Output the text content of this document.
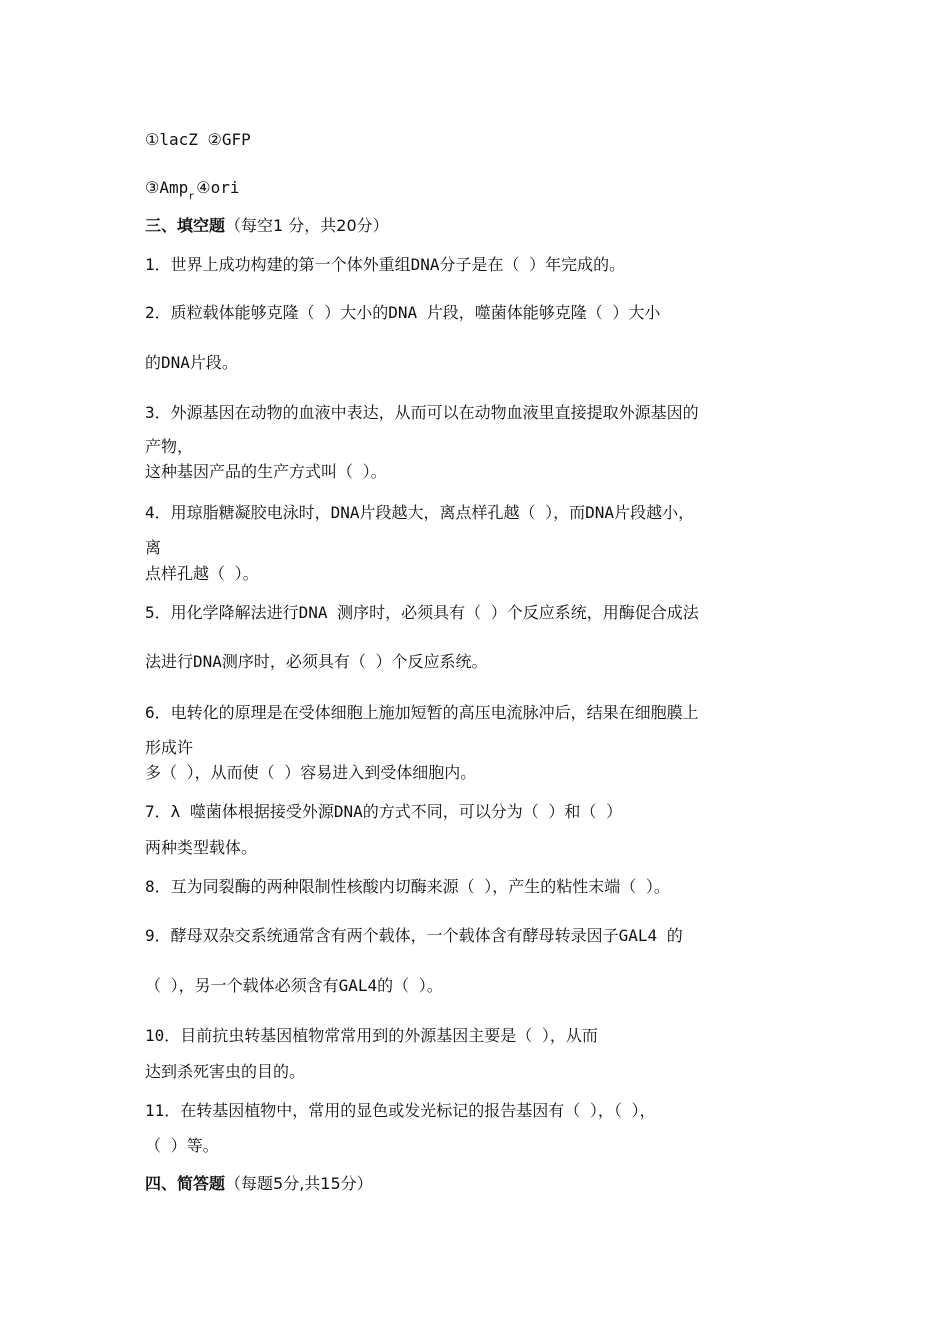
①lacZ ②GFP
③Amp$_r$ ④ori
三、填空题（每空1 分，共20分）
1．世界上成功构建的第一个体外重组DNA分子是在（ ）年完成的。
2．质粒载体能够克隆（ ）大小的DNA 片段，噬菌体能够克隆（ ）大小
的DNA片段。
3．外源基因在动物的血液中表达，从而可以在动物血液里直接提取外源基因的
产物，
这种基因产品的生产方式叫（ ）。
4．用琼脂糖凝胶电泳时，DNA片段越大，离点样孔越（ ），而DNA片段越小，
离
点样孔越（ ）。
5．用化学降解法进行DNA 测序时，必须具有（ ）个反应系统，用酶促合成法
法进行DNA测序时，必须具有（ ）个反应系统。
6．电转化的原理是在受体细胞上施加短暂的高压电流脉冲后，结果在细胞膜上
形成许
多（ ），从而使（ ）容易进入到受体细胞内。
7．λ 噬菌体根据接受外源DNA的方式不同，可以分为（ ）和（ ）
两种类型载体。
8．互为同裂酶的两种限制性核酸内切酶来源（ ），产生的粘性末端（ ）。
9．酵母双杂交系统通常含有两个载体，一个载体含有酵母转录因子GAL4 的
（ ），另一个载体必须含有GAL4的（ ）。
10．目前抗虫转基因植物常常用到的外源基因主要是（ ），从而
达到杀死害虫的目的。
11．在转基因植物中，常用的显色或发光标记的报告基因有（ ），（ ），
（ ）等。
四、简答题（每题5分,共15分）
